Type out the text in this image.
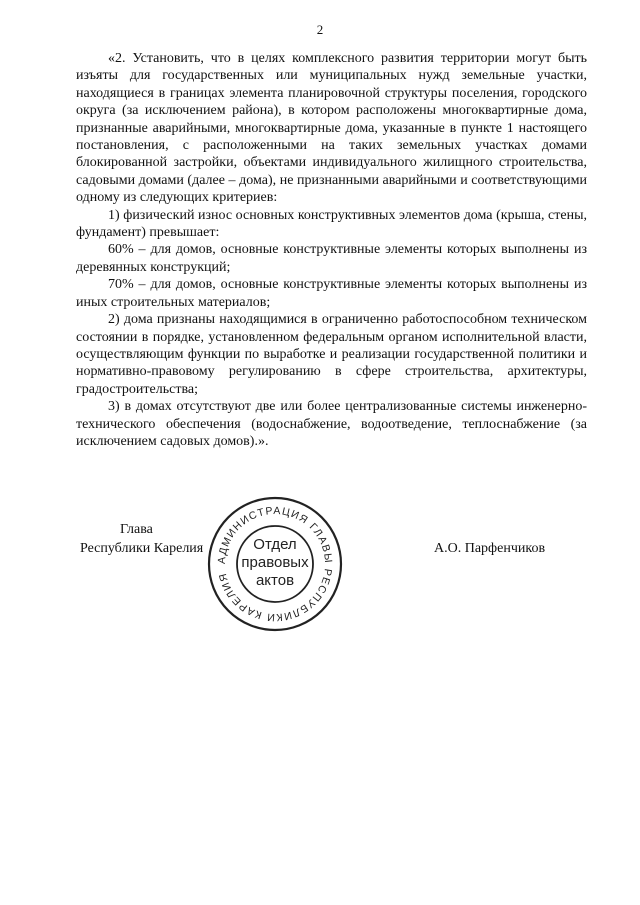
2

«2. Установить, что в целях комплексного развития территории могут быть изъяты для государственных или муниципальных нужд земельные участки, находящиеся в границах элемента планировочной структуры поселения, городского округа (за исключением района), в котором расположены многоквартирные дома, признанные аварийными, многоквартирные дома, указанные в пункте 1 настоящего постановления, с расположенными на таких земельных участках домами блокированной застройки, объектами индивидуального жилищного строительства, садовыми домами (далее – дома), не признанными аварийными и соответствующими одному из следующих критериев:

1) физический износ основных конструктивных элементов дома (крыша, стены, фундамент) превышает:

60% – для домов, основные конструктивные элементы которых выполнены из деревянных конструкций;

70% – для домов, основные конструктивные элементы которых выполнены из иных строительных материалов;

2) дома признаны находящимися в ограниченно работоспособном техническом состоянии в порядке, установленном федеральным органом исполнительной власти, осуществляющим функции по выработке и реализации государственной политики и нормативно-правовому регулированию в сфере строительства, архитектуры, градостроительства;

3) в домах отсутствуют две или более централизованные системы инженерно-технического обеспечения (водоснабжение, водоотведение, теплоснабжение (за исключением садовых домов).».

АДМИНИСТРАЦИЯ ГЛАВЫ РЕСПУБЛИКИ КАРЕЛИЯ
Отдел
правовых
актов
Глава
Республики Карелия	А.О. Парфенчиков
